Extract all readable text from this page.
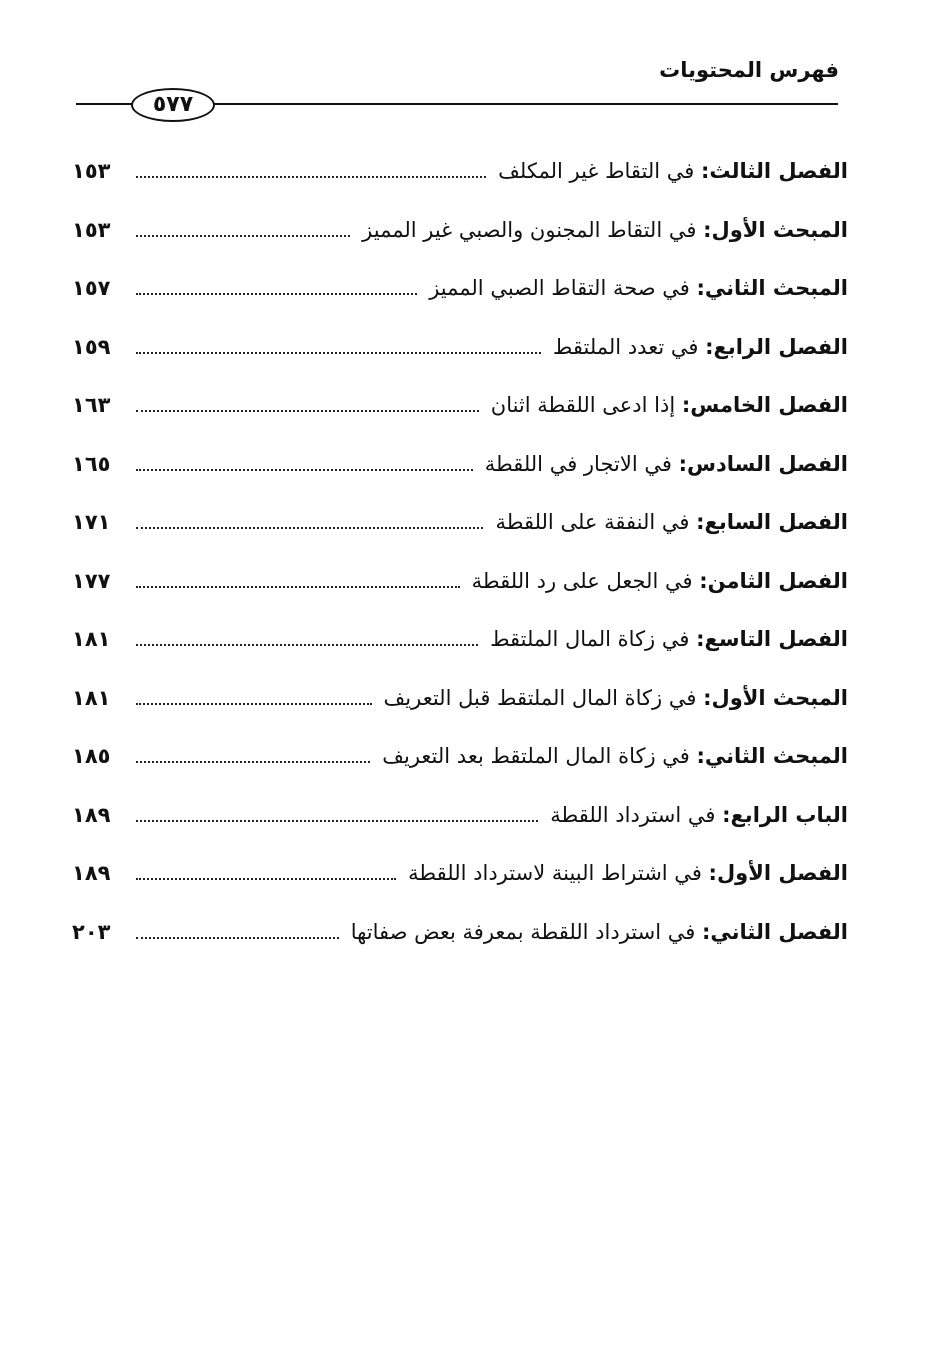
فهرس المحتويات
٥٧٧
الفصل الثالث: في التقاط غير المكلف
١٥٣
المبحث الأول: في التقاط المجنون والصبي غير المميز
١٥٣
المبحث الثاني: في صحة التقاط الصبي المميز
١٥٧
الفصل الرابع: في تعدد الملتقط
١٥٩
الفصل الخامس: إذا ادعى اللقطة اثنان
١٦٣
الفصل السادس: في الاتجار في اللقطة
١٦٥
الفصل السابع: في النفقة على اللقطة
١٧١
الفصل الثامن: في الجعل على رد اللقطة
١٧٧
الفصل التاسع: في زكاة المال الملتقط
١٨١
المبحث الأول: في زكاة المال الملتقط قبل التعريف
١٨١
المبحث الثاني: في زكاة المال الملتقط بعد التعريف
١٨٥
الباب الرابع: في استرداد اللقطة
١٨٩
الفصل الأول: في اشتراط البينة لاسترداد اللقطة
١٨٩
الفصل الثاني: في استرداد اللقطة بمعرفة بعض صفاتها
٢٠٣
